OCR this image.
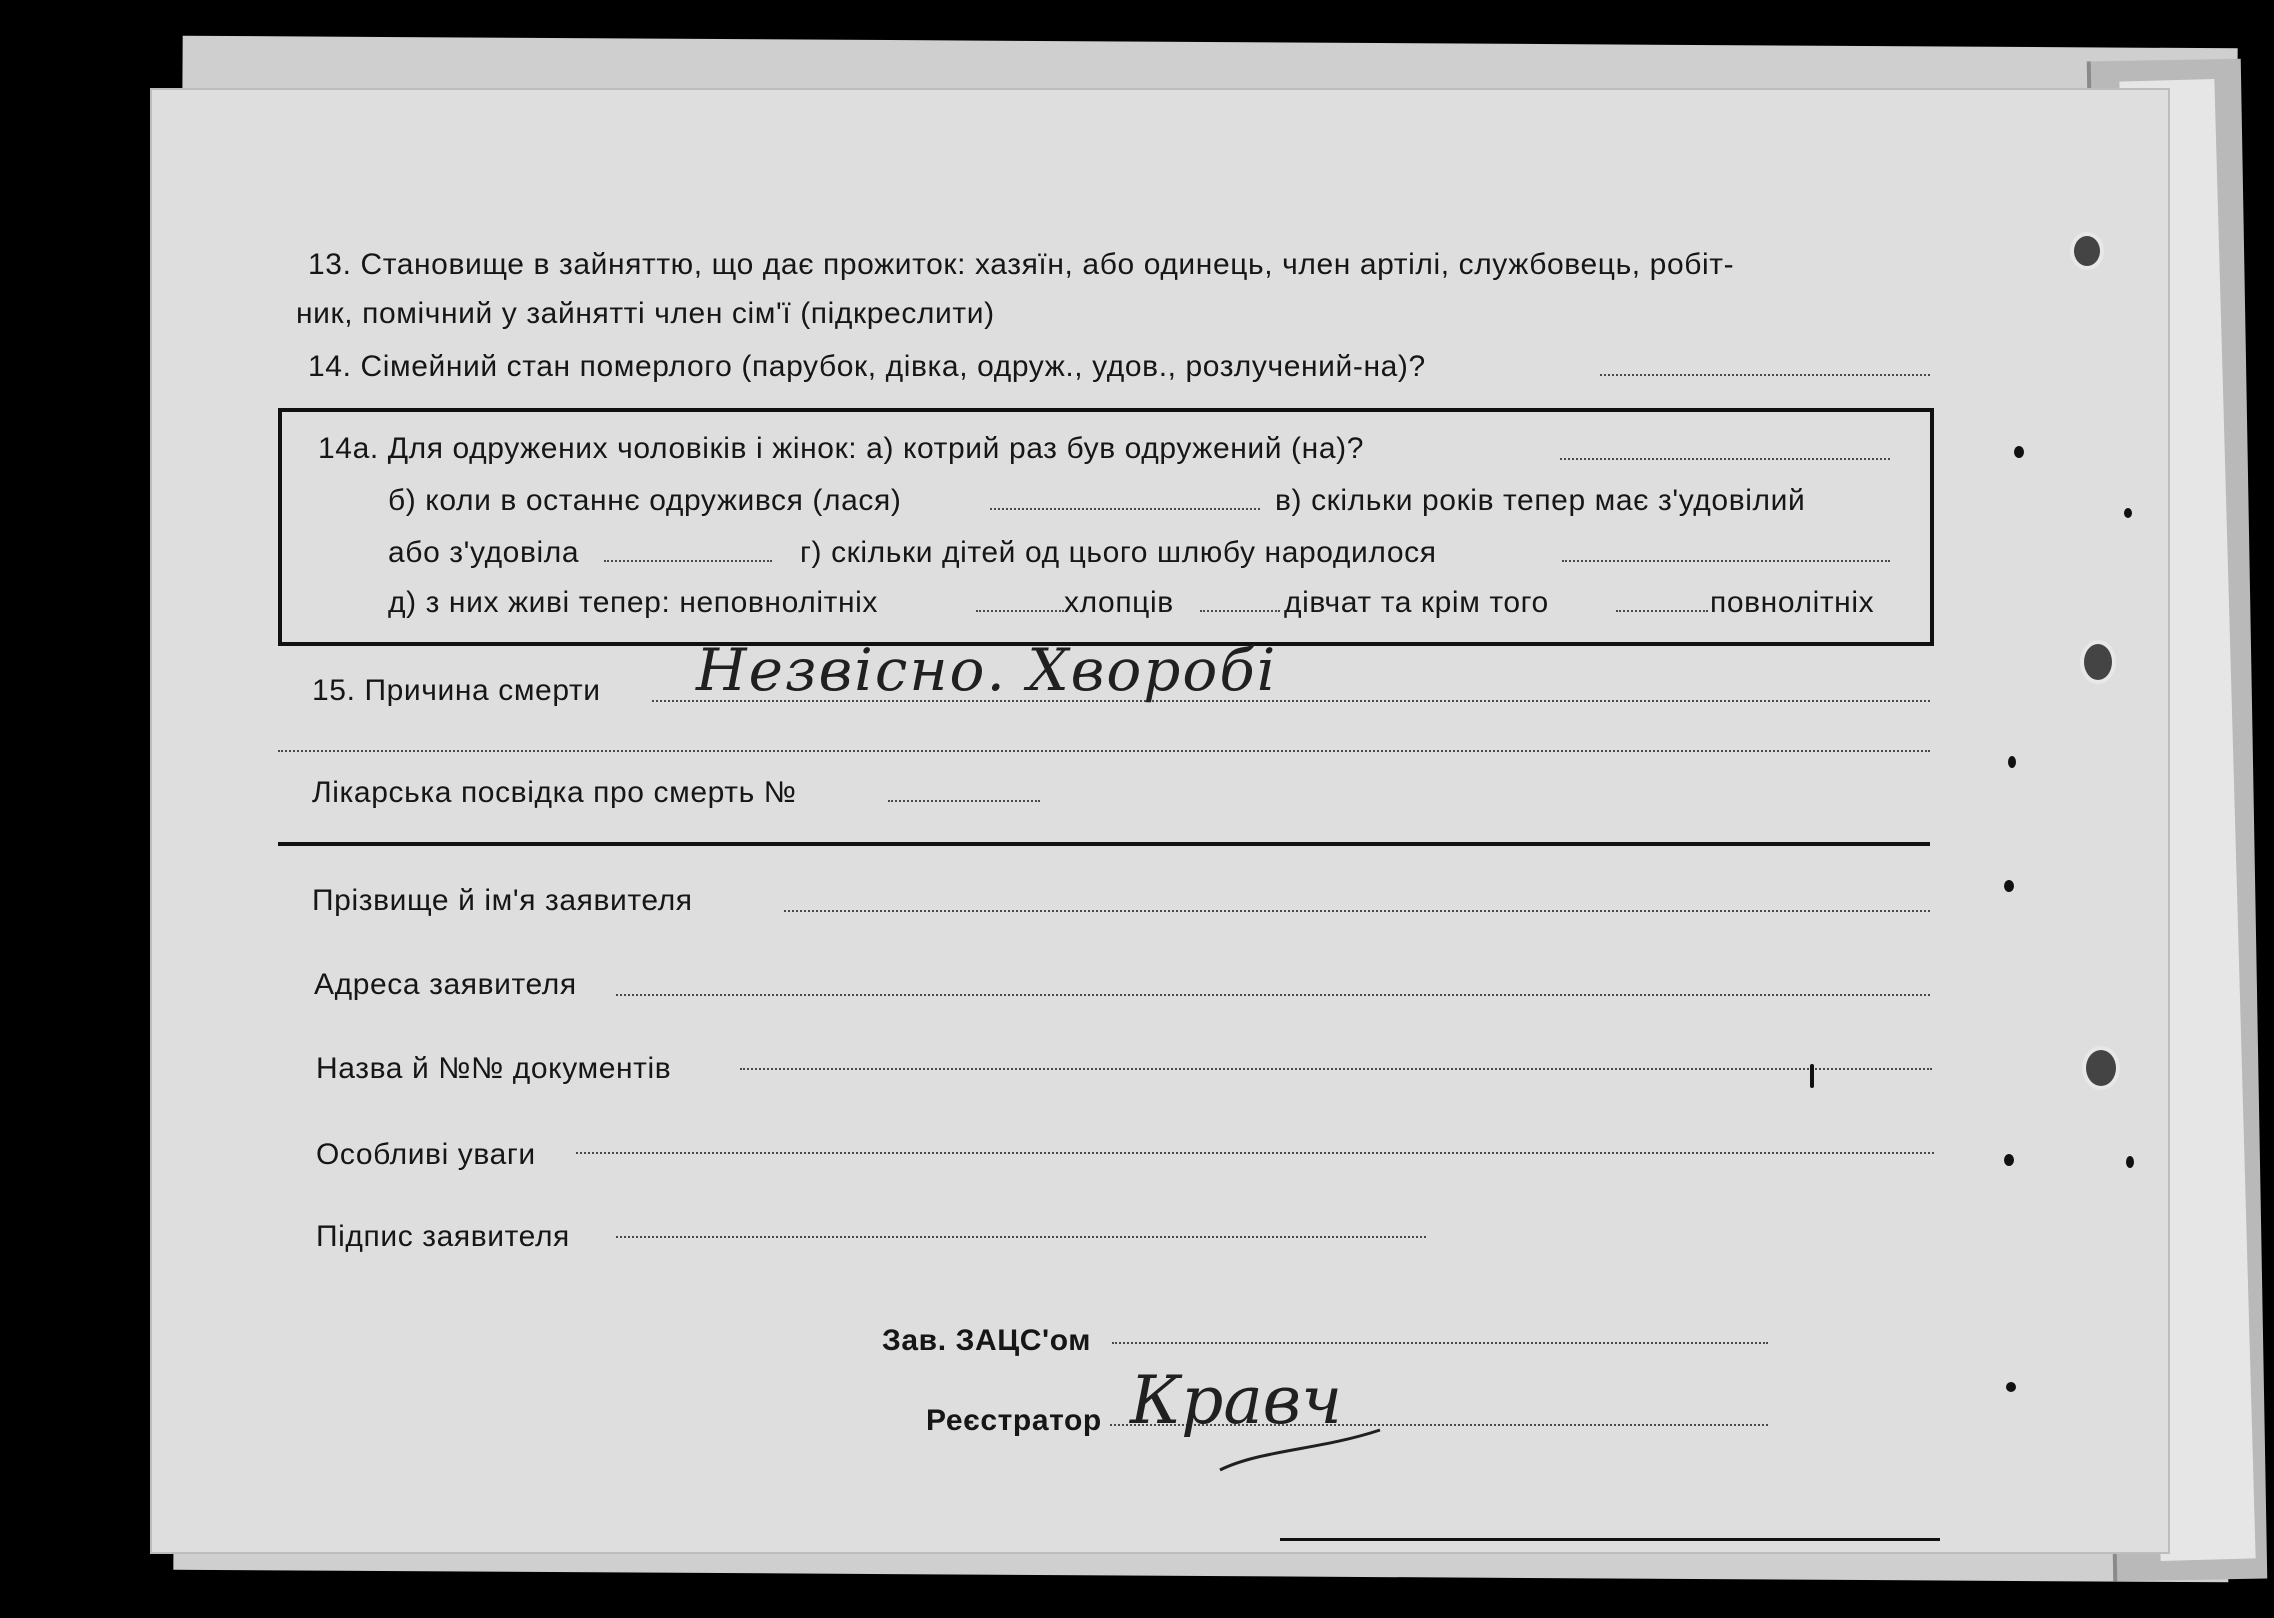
13. Становище в зайняттю, що дає прожиток: хазяїн, або одинець, член артілі, службовець, робіт-
ник, помічний у зайнятті член сім'ї (підкреслити)
14. Сімейний стан померлого (парубок, дівка, одруж., удов., розлучений-на)?
14а. Для одружених чоловіків і жінок: а) котрий раз був одружений (на)?
б) коли в останнє одружився (лася)	в) скільки років тепер має з'удовілий
або з'удовіла	г) скільки дітей од цього шлюбу народилося
д) з них живі тепер: неповнолітніх	хлопців	дівчат та крім того	повнолітніх
15. Причина смерти Незвісно. Хворобі
Лікарська посвідка про смерть №
Прізвище й ім'я заявителя
Адреса заявителя
Назва й №№ документів
Особливі уваги
Підпис заявителя
Зав. ЗАЦС'ом
Реєстратор Кравч
